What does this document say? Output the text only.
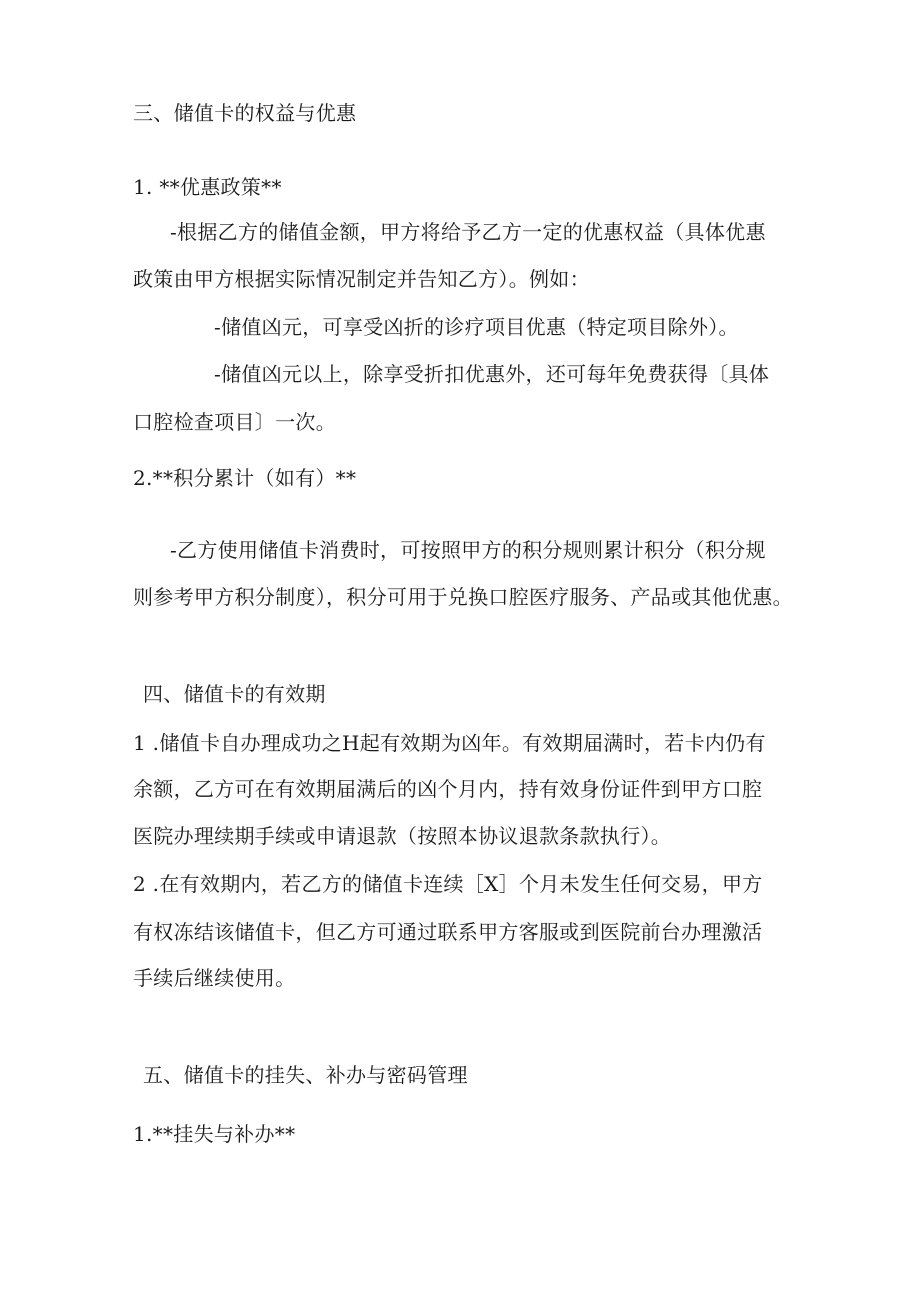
三、储值卡的权益与优惠
1. **优惠政策**
-根据乙方的储值金额，甲方将给予乙方一定的优惠权益（具体优惠
政策由甲方根据实际情况制定并告知乙方）。例如：
-储值凶元，可享受凶折的诊疗项目优惠（特定项目除外）。
-储值凶元以上，除享受折扣优惠外，还可每年免费获得〔具体
口腔检查项目〕一次。
2.**积分累计（如有）**
-乙方使用储值卡消费时，可按照甲方的积分规则累计积分（积分规
则参考甲方积分制度），积分可用于兑换口腔医疗服务、产品或其他优惠。
四、储值卡的有效期
1 .储值卡自办理成功之H起有效期为凶年。有效期届满时，若卡内仍有
余额，乙方可在有效期届满后的凶个月内，持有效身份证件到甲方口腔
医院办理续期手续或申请退款（按照本协议退款条款执行）。
2 .在有效期内，若乙方的储值卡连续［X］个月未发生任何交易，甲方
有权冻结该储值卡，但乙方可通过联系甲方客服或到医院前台办理激活
手续后继续使用。
五、储值卡的挂失、补办与密码管理
1.**挂失与补办**
